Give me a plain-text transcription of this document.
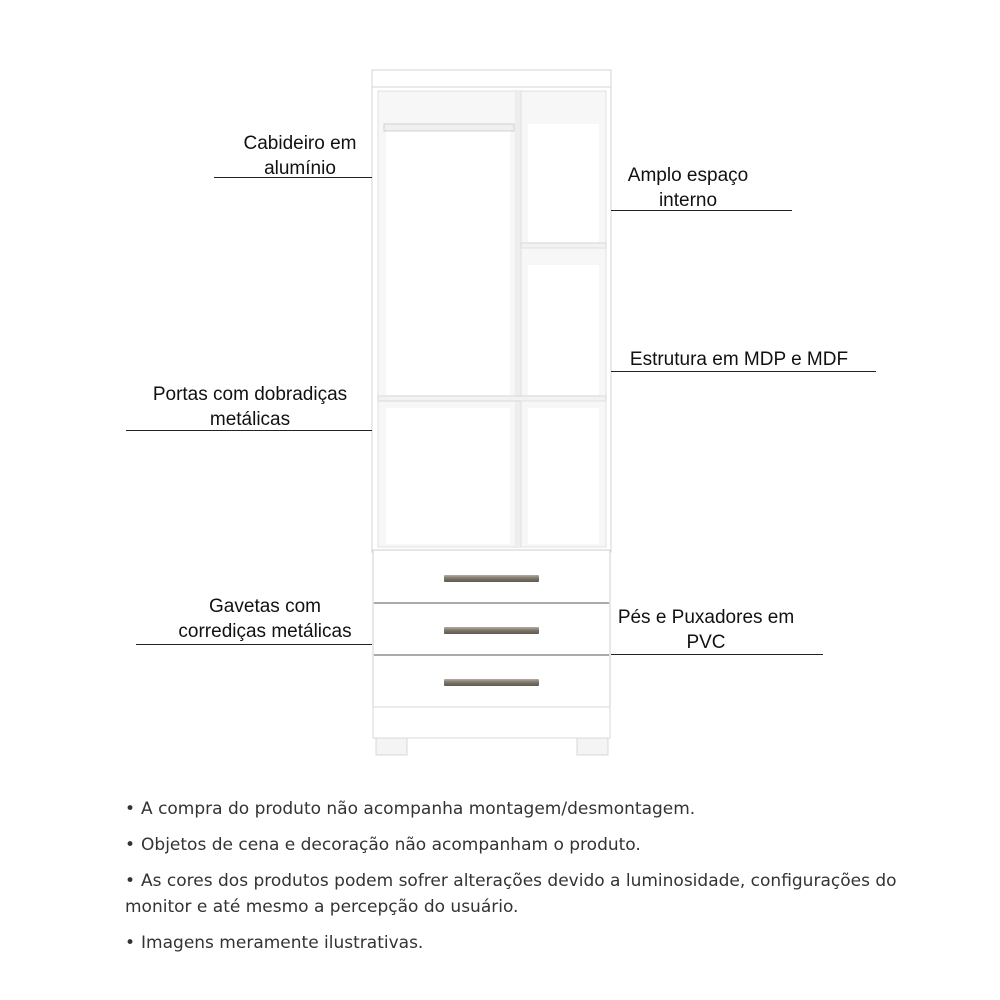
Cabideiro em
alumínio	Amplo espaço
interno
Estrutura em MDP e MDF
Portas com dobradiças
metálicas
Gavetas com
corrediças metálicas
Pés e Puxadores em
PVC
• A compra do produto não acompanha montagem/desmontagem.
• Objetos de cena e decoração não acompanham o produto.
• As cores dos produtos podem sofrer alterações devido a luminosidade, configurações do monitor e até mesmo a percepção do usuário.
• Imagens meramente ilustrativas.
